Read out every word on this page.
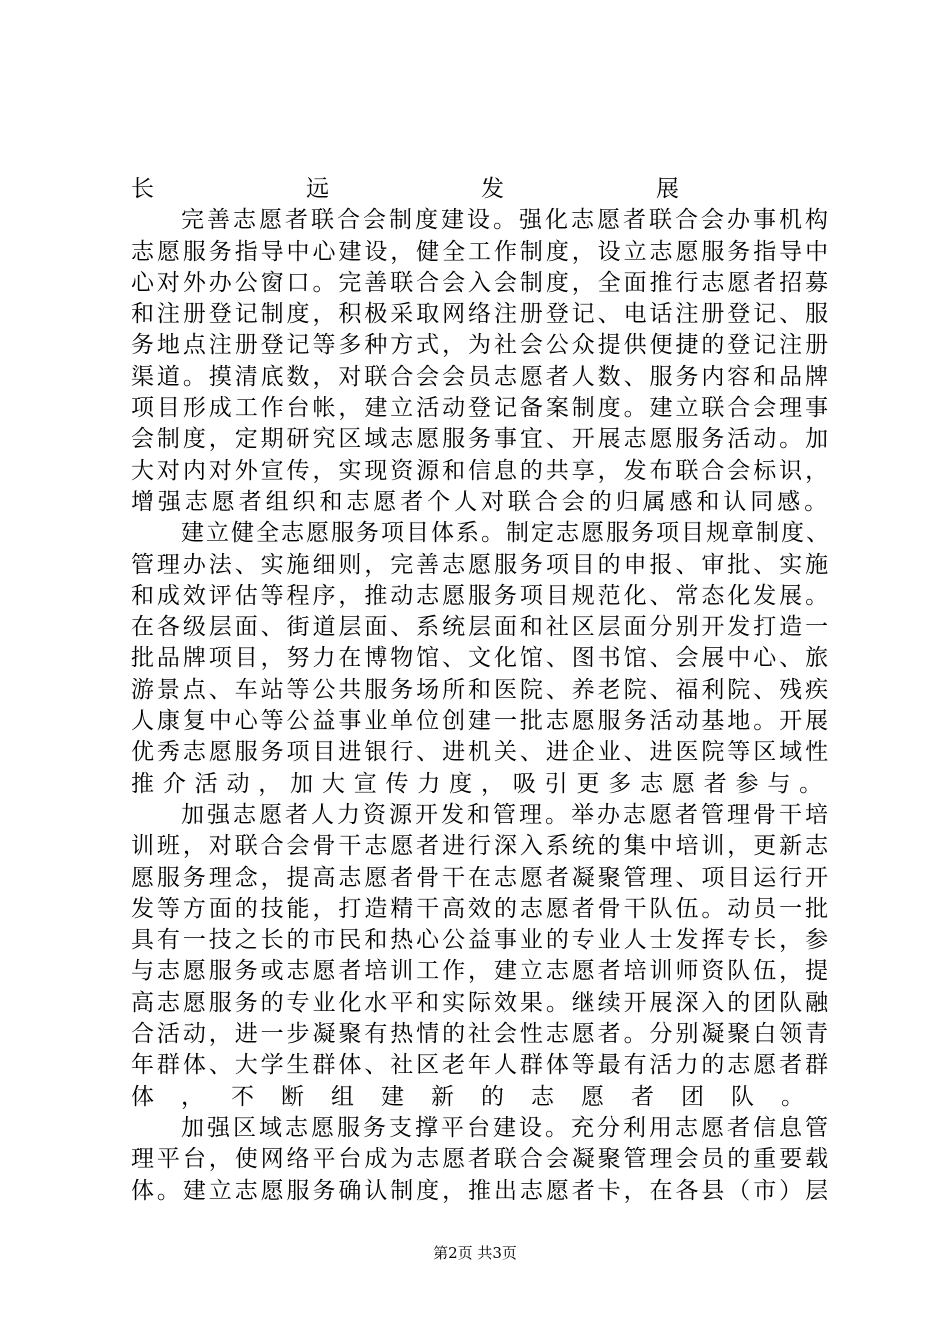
长远发展
完善志愿者联合会制度建设。强化志愿者联合会办事机构
志愿服务指导中心建设，健全工作制度，设立志愿服务指导中
心对外办公窗口。完善联合会入会制度，全面推行志愿者招募
和注册登记制度，积极采取网络注册登记、电话注册登记、服
务地点注册登记等多种方式，为社会公众提供便捷的登记注册
渠道。摸清底数，对联合会会员志愿者人数、服务内容和品牌
项目形成工作台帐，建立活动登记备案制度。建立联合会理事
会制度，定期研究区域志愿服务事宜、开展志愿服务活动。加
大对内对外宣传，实现资源和信息的共享，发布联合会标识，
增强志愿者组织和志愿者个人对联合会的归属感和认同感。
建立健全志愿服务项目体系。制定志愿服务项目规章制度、
管理办法、实施细则，完善志愿服务项目的申报、审批、实施
和成效评估等程序，推动志愿服务项目规范化、常态化发展。
在各级层面、街道层面、系统层面和社区层面分别开发打造一
批品牌项目，努力在博物馆、文化馆、图书馆、会展中心、旅
游景点、车站等公共服务场所和医院、养老院、福利院、残疾
人康复中心等公益事业单位创建一批志愿服务活动基地。开展
优秀志愿服务项目进银行、进机关、进企业、进医院等区域性
推介活动，加大宣传力度，吸引更多志愿者参与。
加强志愿者人力资源开发和管理。举办志愿者管理骨干培
训班，对联合会骨干志愿者进行深入系统的集中培训，更新志
愿服务理念，提高志愿者骨干在志愿者凝聚管理、项目运行开
发等方面的技能，打造精干高效的志愿者骨干队伍。动员一批
具有一技之长的市民和热心公益事业的专业人士发挥专长，参
与志愿服务或志愿者培训工作，建立志愿者培训师资队伍，提
高志愿服务的专业化水平和实际效果。继续开展深入的团队融
合活动，进一步凝聚有热情的社会性志愿者。分别凝聚白领青
年群体、大学生群体、社区老年人群体等最有活力的志愿者群
体，不断组建新的志愿者团队。
加强区域志愿服务支撑平台建设。充分利用志愿者信息管
理平台，使网络平台成为志愿者联合会凝聚管理会员的重要载
体。建立志愿服务确认制度，推出志愿者卡，在各县（市）层
第2页 共3页
